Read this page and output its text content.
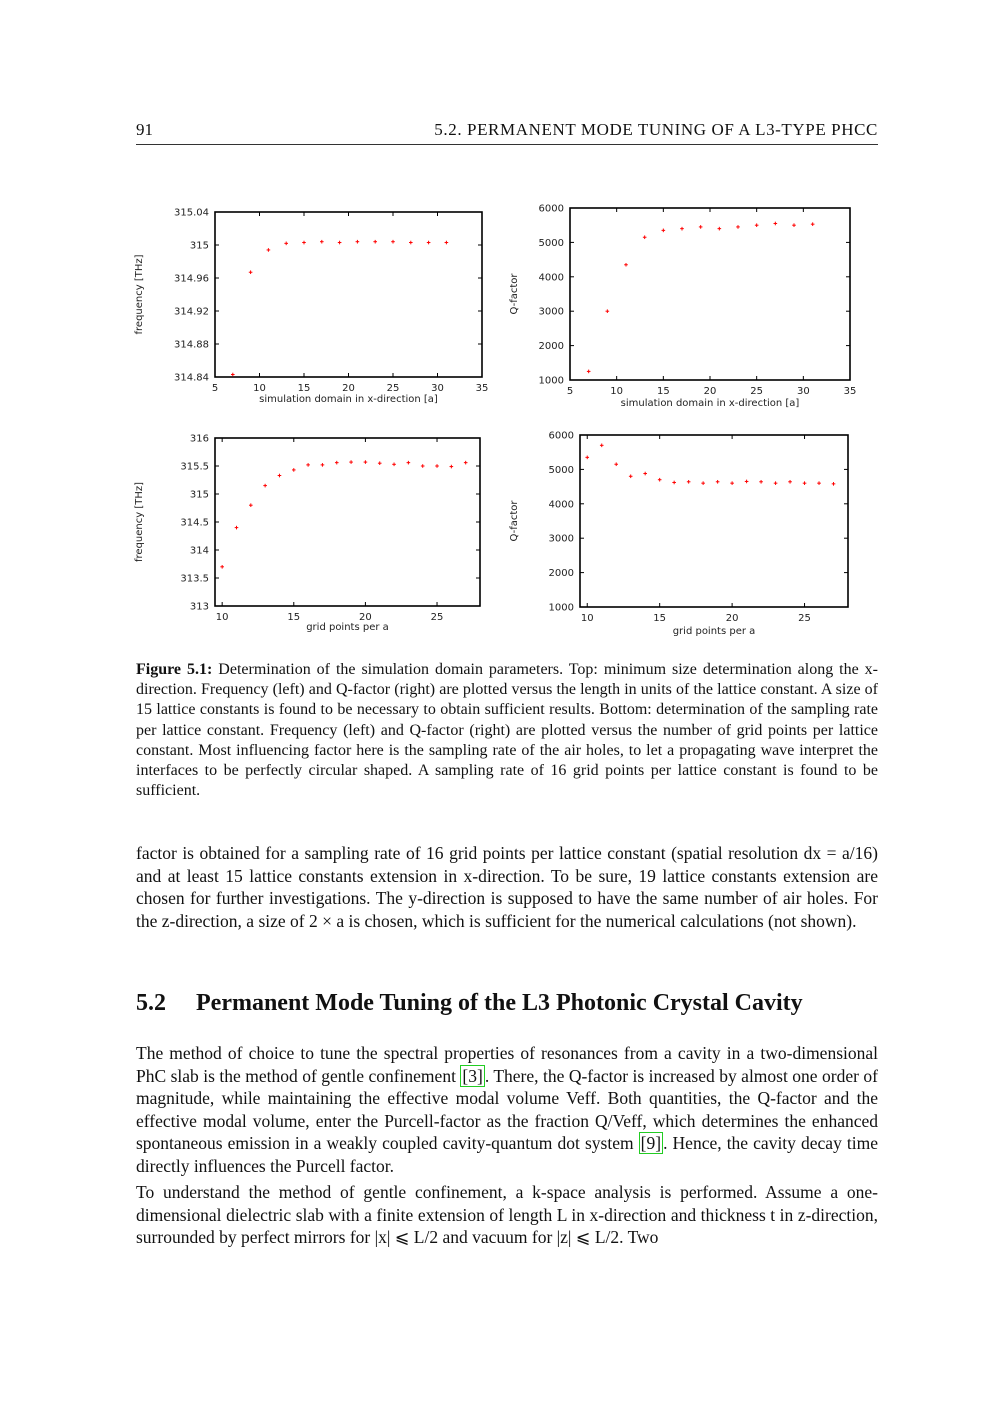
91	5.2. PERMANENT MODE TUNING OF A L3-TYPE PHCC
5	10	15	20	25	30	35
314.84
314.88
314.92
314.96
315
315.04
simulation domain in x-direction [a]
frequency [THz]
5	10	15	20	25	30	35
1000
2000
3000
4000
5000
6000
simulation domain in x-direction [a]
Q-factor
10	15	20	25
313
313.5
314
314.5
315
315.5
316
grid points per a
frequency [THz]
10	15	20	25
1000
2000
3000
4000
5000
6000
grid points per a
Q-factor
Figure 5.1: Determination of the simulation domain parameters. Top: minimum size determination along the x-direction. Frequency (left) and Q-factor (right) are plotted versus the length in units of the lattice constant. A size of 15 lattice constants is found to be necessary to obtain sufficient results. Bottom: determination of the sampling rate per lattice constant. Frequency (left) and Q-factor (right) are plotted versus the number of grid points per lattice constant. Most influencing factor here is the sampling rate of the air holes, to let a propagating wave interpret the interfaces to be perfectly circular shaped. A sampling rate of 16 grid points per lattice constant is found to be sufficient.

factor is obtained for a sampling rate of 16 grid points per lattice constant (spatial resolution dx = a/16) and at least 15 lattice constants extension in x-direction. To be sure, 19 lattice constants extension are chosen for further investigations. The y-direction is supposed to have the same number of air holes. For the z-direction, a size of 2 × a is chosen, which is sufficient for the numerical calculations (not shown).

5.2 Permanent Mode Tuning of the L3 Photonic Crystal Cavity

The method of choice to tune the spectral properties of resonances from a cavity in a two-dimensional PhC slab is the method of gentle confinement [3] . There, the Q-factor is increased by almost one order of magnitude, while maintaining the effective modal volume Veff. Both quantities, the Q-factor and the effective modal volume, enter the Purcell-factor as the fraction Q/Veff, which determines the enhanced spontaneous emission in a weakly coupled cavity-quantum dot system [9] . Hence, the cavity decay time directly influences the Purcell factor.

To understand the method of gentle confinement, a k-space analysis is performed. Assume a one-dimensional dielectric slab with a finite extension of length L in x-direction and thickness t in z-direction, surrounded by perfect mirrors for |x| ⩽ L/2 and vacuum for |z| ⩽ L/2. Two
